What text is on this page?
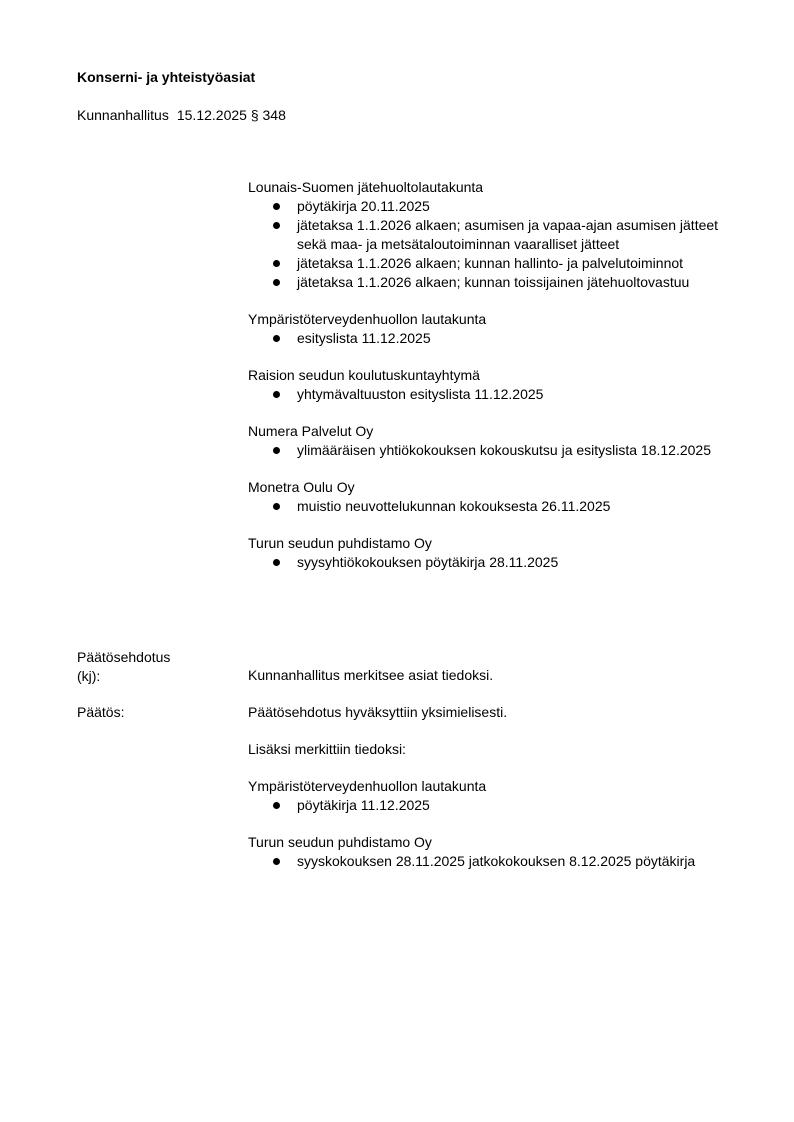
Konserni- ja yhteistyöasiat
Kunnanhallitus 15.12.2025 § 348
Lounais-Suomen jätehuoltolautakunta
pöytäkirja 20.11.2025
jätetaksa 1.1.2026 alkaen; asumisen ja vapaa-ajan asumisen jätteet sekä maa- ja metsätaloutoiminnan vaaralliset jätteet
jätetaksa 1.1.2026 alkaen; kunnan hallinto- ja palvelutoiminnot
jätetaksa 1.1.2026 alkaen; kunnan toissijainen jätehuoltovastuu
Ympäristöterveydenhuollon lautakunta
esityslista 11.12.2025
Raision seudun koulutuskuntayhtymä
yhtymävaltuuston esityslista 11.12.2025
Numera Palvelut Oy
ylimääräisen yhtiökokouksen kokouskutsu ja esityslista 18.12.2025
Monetra Oulu Oy
muistio neuvottelukunnan kokouksesta 26.11.2025
Turun seudun puhdistamo Oy
syysyhtiökokouksen pöytäkirja 28.11.2025
Päätösehdotus
(kj):	Kunnanhallitus merkitsee asiat tiedoksi.
Päätös:	Päätösehdotus hyväksyttiin yksimielisesti.
Lisäksi merkittiin tiedoksi:
Ympäristöterveydenhuollon lautakunta
pöytäkirja 11.12.2025
Turun seudun puhdistamo Oy
syyskokouksen 28.11.2025 jatkokokouksen 8.12.2025 pöytäkirja
